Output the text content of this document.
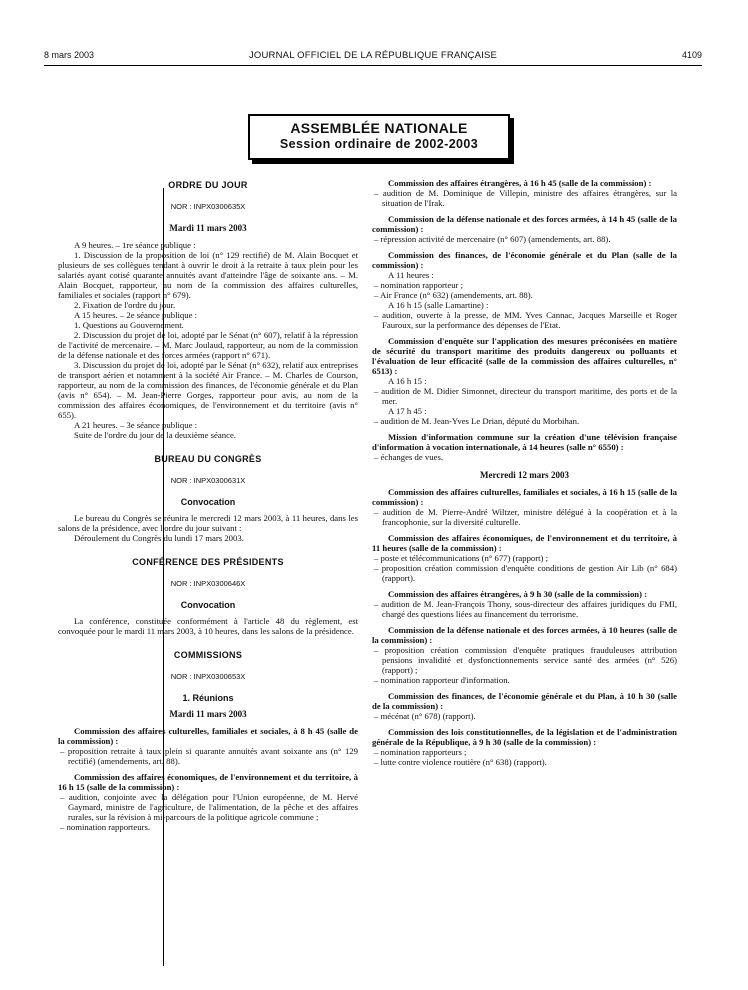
8 mars 2003	JOURNAL OFFICIEL DE LA RÉPUBLIQUE FRANÇAISE	4109
ASSEMBLÉE NATIONALE
Session ordinaire de 2002-2003
ORDRE DU JOUR
NOR : INPX0300635X
Mardi 11 mars 2003

A 9 heures. – 1re séance publique :

1. Discussion de la proposition de loi (n° 129 rectifié) de M. Alain Bocquet et plusieurs de ses collègues tendant à ouvrir le droit à la retraite à taux plein pour les salariés ayant cotisé quarante annuités avant d'atteindre l'âge de soixante ans. – M. Alain Bocquet, rapporteur, au nom de la commission des affaires culturelles, familiales et sociales (rapport n° 679).

2. Fixation de l'ordre du jour.

A 15 heures. – 2e séance publique :

1. Questions au Gouvernement.

2. Discussion du projet de loi, adopté par le Sénat (n° 607), relatif à la répression de l'activité de mercenaire. – M. Marc Joulaud, rapporteur, au nom de la commission de la défense nationale et des forces armées (rapport n° 671).

3. Discussion du projet de loi, adopté par le Sénat (n° 632), relatif aux entreprises de transport aérien et notamment à la société Air France. – M. Charles de Courson, rapporteur, au nom de la commission des finances, de l'économie générale et du Plan (avis n° 654). – M. Jean-Pierre Gorges, rapporteur pour avis, au nom de la commission des affaires économiques, de l'environnement et du territoire (avis n° 655).

A 21 heures. – 3e séance publique :

Suite de l'ordre du jour de la deuxième séance.

BUREAU DU CONGRÈS
NOR : INPX0300631X
Convocation

Le bureau du Congrès se réunira le mercredi 12 mars 2003, à 11 heures, dans les salons de la présidence, avec l'ordre du jour suivant :

Déroulement du Congrès du lundi 17 mars 2003.

CONFÉRENCE DES PRÉSIDENTS
NOR : INPX0300646X
Convocation

La conférence, constituée conformément à l'article 48 du règlement, est convoquée pour le mardi 11 mars 2003, à 10 heures, dans les salons de la présidence.

COMMISSIONS
NOR : INPX0300653X
1. Réunions
Mardi 11 mars 2003

Commission des affaires culturelles, familiales et sociales, à 8 h 45 (salle de la commission) :

– proposition retraite à taux plein si quarante annuités avant soixante ans (n° 129 rectifié) (amendements, art. 88).

Commission des affaires économiques, de l'environnement et du territoire, à 16 h 15 (salle de la commission) :

– audition, conjointe avec la délégation pour l'Union européenne, de M. Hervé Gaymard, ministre de l'agriculture, de l'alimentation, de la pêche et des affaires rurales, sur la révision à mi-parcours de la politique agricole commune ;

– nomination rapporteurs.

Commission des affaires étrangères, à 16 h 45 (salle de la commission) :

– audition de M. Dominique de Villepin, ministre des affaires étrangères, sur la situation de l'Irak.

Commission de la défense nationale et des forces armées, à 14 h 45 (salle de la commission) :

– répression activité de mercenaire (n° 607) (amendements, art. 88).

Commission des finances, de l'économie générale et du Plan (salle de la commission) :

A 11 heures :

– nomination rapporteur ;

– Air France (n° 632) (amendements, art. 88).

A 16 h 15 (salle Lamartine) :

– audition, ouverte à la presse, de MM. Yves Cannac, Jacques Marseille et Roger Fauroux, sur la performance des dépenses de l'Etat.

Commission d'enquête sur l'application des mesures préconisées en matière de sécurité du transport maritime des produits dangereux ou polluants et l'évaluation de leur efficacité (salle de la commission des affaires culturelles, n° 6513) :

A 16 h 15 :

– audition de M. Didier Simonnet, directeur du transport maritime, des ports et de la mer.

A 17 h 45 :

– audition de M. Jean-Yves Le Drian, député du Morbihan.

Mission d'information commune sur la création d'une télévision française d'information à vocation internationale, à 14 heures (salle n° 6550) :

– échanges de vues.

Mercredi 12 mars 2003

Commission des affaires culturelles, familiales et sociales, à 16 h 15 (salle de la commission) :

– audition de M. Pierre-André Wiltzer, ministre délégué à la coopération et à la francophonie, sur la diversité culturelle.

Commission des affaires économiques, de l'environnement et du territoire, à 11 heures (salle de la commission) :

– poste et télécommunications (n° 677) (rapport) ;

– proposition création commission d'enquête conditions de gestion Air Lib (n° 684) (rapport).

Commission des affaires étrangères, à 9 h 30 (salle de la commission) :

– audition de M. Jean-François Thony, sous-directeur des affaires juridiques du FMI, chargé des questions liées au financement du terrorisme.

Commission de la défense nationale et des forces armées, à 10 heures (salle de la commission) :

– proposition création commission d'enquête pratiques frauduleuses attribution pensions invalidité et dysfonctionnements service santé des armées (n° 526) (rapport) ;

– nomination rapporteur d'information.

Commission des finances, de l'économie générale et du Plan, à 10 h 30 (salle de la commission) :

– mécénat (n° 678) (rapport).

Commission des lois constitutionnelles, de la législation et de l'administration générale de la République, à 9 h 30 (salle de la commission) :

– nomination rapporteurs ;

– lutte contre violence routière (n° 638) (rapport).
